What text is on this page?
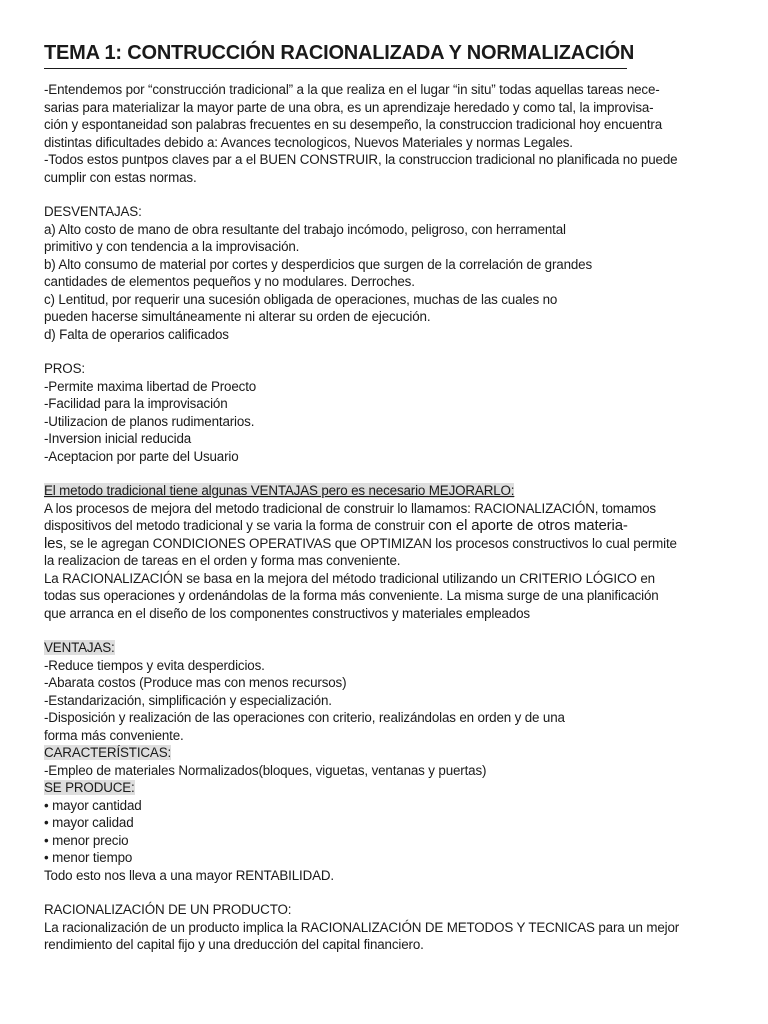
TEMA 1: CONTRUCCIÓN RACIONALIZADA Y NORMALIZACIÓN
-Entendemos por “construcción tradicional” a la que realiza en el lugar “in situ” todas aquellas tareas nece-
sarias para materializar la mayor parte de una obra, es un aprendizaje heredado y como tal, la improvisa-
ción y espontaneidad son palabras frecuentes en su desempeño, la construccion tradicional hoy encuentra
distintas dificultades debido a: Avances tecnologicos, Nuevos Materiales y normas Legales.
-Todos estos puntpos claves par a el BUEN CONSTRUIR, la construccion tradicional no planificada no puede
cumplir con estas normas.
DESVENTAJAS:
a) Alto costo de mano de obra resultante del trabajo incómodo, peligroso, con herramental
primitivo y con tendencia a la improvisación.
b) Alto consumo de material por cortes y desperdicios que surgen de la correlación de grandes
cantidades de elementos pequeños y no modulares. Derroches.
c) Lentitud, por requerir una sucesión obligada de operaciones, muchas de las cuales no
pueden hacerse simultáneamente ni alterar su orden de ejecución.
d) Falta de operarios calificados
PROS:
-Permite maxima libertad de Proecto
-Facilidad para la improvisación
-Utilizacion de planos rudimentarios.
-Inversion inicial reducida
-Aceptacion por parte del Usuario
El metodo tradicional tiene algunas VENTAJAS pero es necesario MEJORARLO:
A los procesos de mejora del metodo tradicional de construir lo llamamos: RACIONALIZACIÓN, tomamos
dispositivos del metodo tradicional y se varia la forma de construir con el aporte de otros materia-
les, se le agregan CONDICIONES OPERATIVAS que OPTIMIZAN los procesos constructivos lo cual permite
la realizacion de tareas en el orden y forma mas conveniente.
La RACIONALIZACIÓN se basa en la mejora del método tradicional utilizando un CRITERIO LÓGICO en
todas sus operaciones y ordenándolas de la forma más conveniente. La misma surge de una planificación
que arranca en el diseño de los componentes constructivos y materiales empleados
VENTAJAS:
-Reduce tiempos y evita desperdicios.
-Abarata costos (Produce mas con menos recursos)
-Estandarización, simplificación y especialización.
-Disposición y realización de las operaciones con criterio, realizándolas en orden y de una
forma más conveniente.
CARACTERÍSTICAS:
-Empleo de materiales Normalizados(bloques, viguetas, ventanas y puertas)
SE PRODUCE:
• mayor cantidad
• mayor calidad
• menor precio
• menor tiempo
Todo esto nos lleva a una mayor RENTABILIDAD.
RACIONALIZACIÓN DE UN PRODUCTO:
La racionalización de un producto implica la RACIONALIZACIÓN DE METODOS Y TECNICAS para un mejor
rendimiento del capital fijo y una dreducción del capital financiero.
